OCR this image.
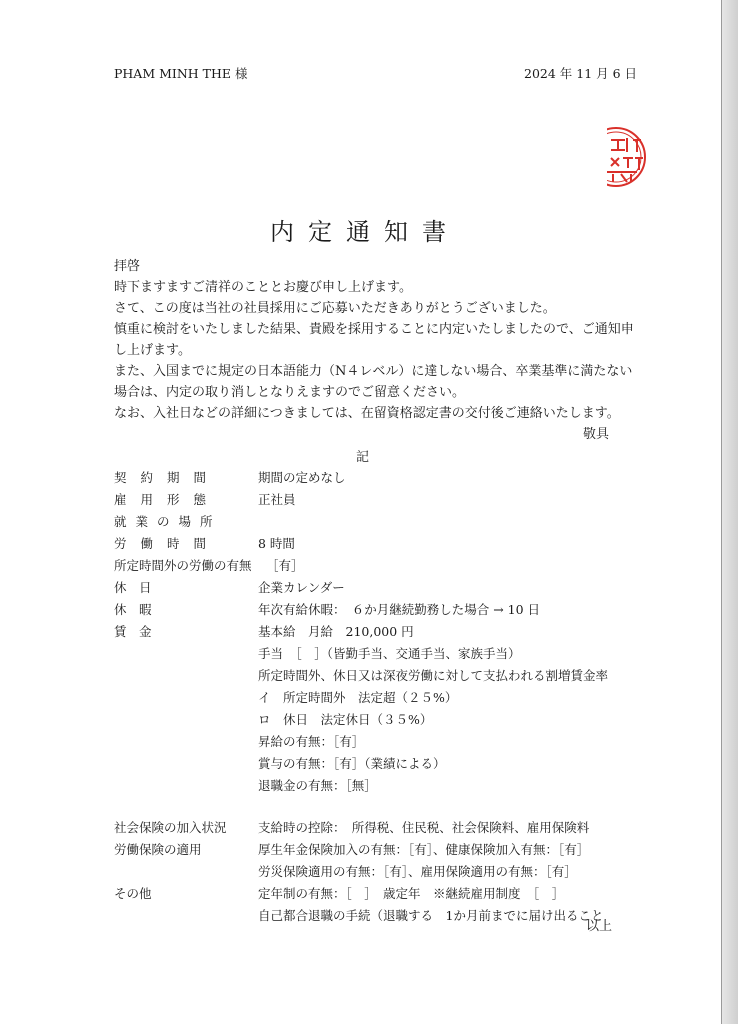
PHAM MINH THE 様	2024 年 11 月 6 日
内定通知書
拝啓
時下ますますご清祥のこととお慶び申し上げます。
さて、この度は当社の社員採用にご応募いただきありがとうございました。
慎重に検討をいたしました結果、貴殿を採用することに内定いたしましたので、ご通知申
し上げます。
また、入国までに規定の日本語能力（N４レベル）に達しない場合、卒業基準に満たない
場合は、内定の取り消しとなりえますのでご留意ください。
なお、入社日などの詳細につきましては、在留資格認定書の交付後ご連絡いたします。
敬具
記
契約期間	期間の定めなし
雇用形態	正社員
就業の場所
労働時間	8 時間
所定時間外の労働の有無 ［有］
休　日	企業カレンダー
休　暇	年次有給休暇：　６か月継続勤務した場合 → 10 日
賃　金	基本給　月給　210,000 円
手当　［　］（皆勤手当、交通手当、家族手当）
所定時間外、休日又は深夜労働に対して支払われる割増賃金率
イ　所定時間外　法定超（２５%）
ロ　休日　法定休日（３５%）
昇給の有無：［有］
賞与の有無：［有］（業績による）
退職金の有無：［無］
社会保険の加入状況	支給時の控除：　所得税、住民税、社会保険料、雇用保険料
労働保険の適用	厚生年金保険加入の有無：［有］、健康保険加入有無：［有］
労災保険適用の有無：［有］、雇用保険適用の有無：［有］
その他	定年制の有無：［　］　歳定年　※継続雇用制度　［　］
自己都合退職の手続（退職する　1か月前までに届け出ること
以上
